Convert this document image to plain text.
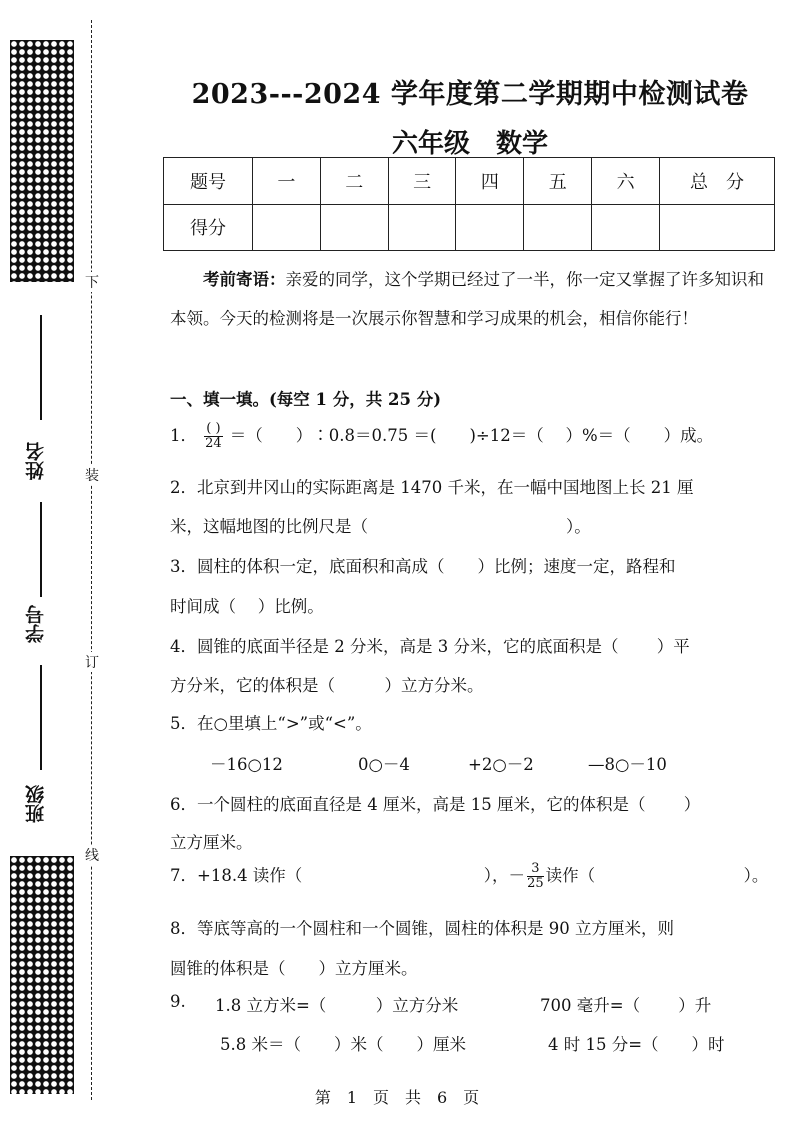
姓名
学号
班级
下
装
订
线
2023---2024 学年度第二学期期中检测试卷
六年级　数学
题号	一	二	三	四	五	六	总　分
得分							
考前寄语：亲爱的同学，这个学期已经过了一半，你一定又掌握了许多知识和本领。今天的检测将是一次展示你智慧和学习成果的机会，相信你能行！
一、填一填。(每空 1 分，共 25 分)
1． $\frac{( )}{24}$ ＝（　　）∶0.8＝0.75 ＝(　　)÷12＝（　 ）%＝（　　）成。
2．北京到井冈山的实际距离是 1470 千米，在一幅中国地图上长 21 厘
米，这幅地图的比例尺是（　　　　　　　　　　　　）。
3．圆柱的体积一定，底面积和高成（　　）比例；速度一定，路程和
时间成（　 ）比例。
4．圆锥的底面半径是 2 分米，高是 3 分米，它的底面积是（　　 ）平
方分米，它的体积是（　　　）立方分米。
5．在○里填上“>”或“<”。
－16○12	0○－4	+2○－2	—8○－10
6．一个圆柱的底面直径是 4 厘米，高是 15 厘米，它的体积是（　　 ）
立方厘米。
7．+18.4 读作（　　　　　　　　　　　），－ $\frac{3}{25}$ 读作（　　　　　　　　　）。
8．等底等高的一个圆柱和一个圆锥，圆柱的体积是 90 立方厘米，则
圆锥的体积是（　　）立方厘米。
9. 1.8 立方米=（　　　）立方分米	700 毫升=（　　 ）升
5.8 米＝（　　）米（　　）厘米	4 时 15 分=（　　）时
第　1　页　共　6　页
